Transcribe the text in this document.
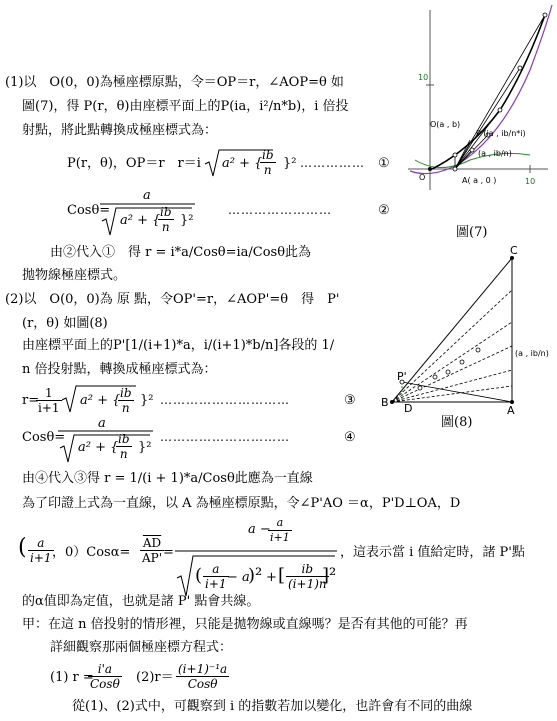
10
10
O
O(a , b)
P (ia , ib/n*i)
(a , ib/n)
A( a , 0 )
圖(7)
C
P'
B D	A
(a , ib/n)
圖(8)
(1)以　O(0，0)為極座標原點，令＝OP＝r，∠AOP=θ 如
圖(7)，得 P(r，θ)由座標平面上的P(ia，i²/n*b)，i 倍投
射點，將此點轉換成極座標式為：
P(r，θ)，OP＝r　r＝i a² + {
$\frac{ib}{n} \}^2$ …………… ①
Cosθ=
a
a² + {
ib
n }²
……………………	②
由②代入①　得 r = i*a/Cosθ=ia/Cosθ此為
拋物線極座標式。
(2)以　O(0，0)為 原 點，令OP'=r，∠AOP'=θ　得　P'
(r，θ) 如圖(8)
由座標平面上的P'[1/(i+1)*a，i/(i+1)*b/n]各段的 1/
n 倍投射點，轉換成極座標式為：
r=
$\frac{1}{i+1} a^2$ + { ib
n }² …………………………	③
Cosθ=
a
a² + {
ib
n }²
…………………………	④
由④代入③得 r = 1/(i + 1)*a/Cosθ此應為一直線
為了印證上式為一直線，以 A 為極座標原點，令∠P'AO ＝α，P'D⊥OA，D
( a
i+1 ，$0)Cos\alpha= \frac{\overline{AD}}{AP'}$
=
a − a
i+1
( a
i+1 − a
)² + [	ib
(i+1)n
]²
，這表示當 i 值給定時，諸 P'點
的α值即為定值，也就是諸 P' 點會共線。
甲：在這 n 倍投射的情形裡，只能是拋物線或直線嗎？是否有其他的可能？再
詳細觀察那兩個極座標方程式：
(1) r =
i'a
Cosθ (2)r＝
(i+1)⁻¹a
Cosθ
從(1)、(2)式中，可觀察到 i 的指數若加以變化，也許會有不同的曲線
